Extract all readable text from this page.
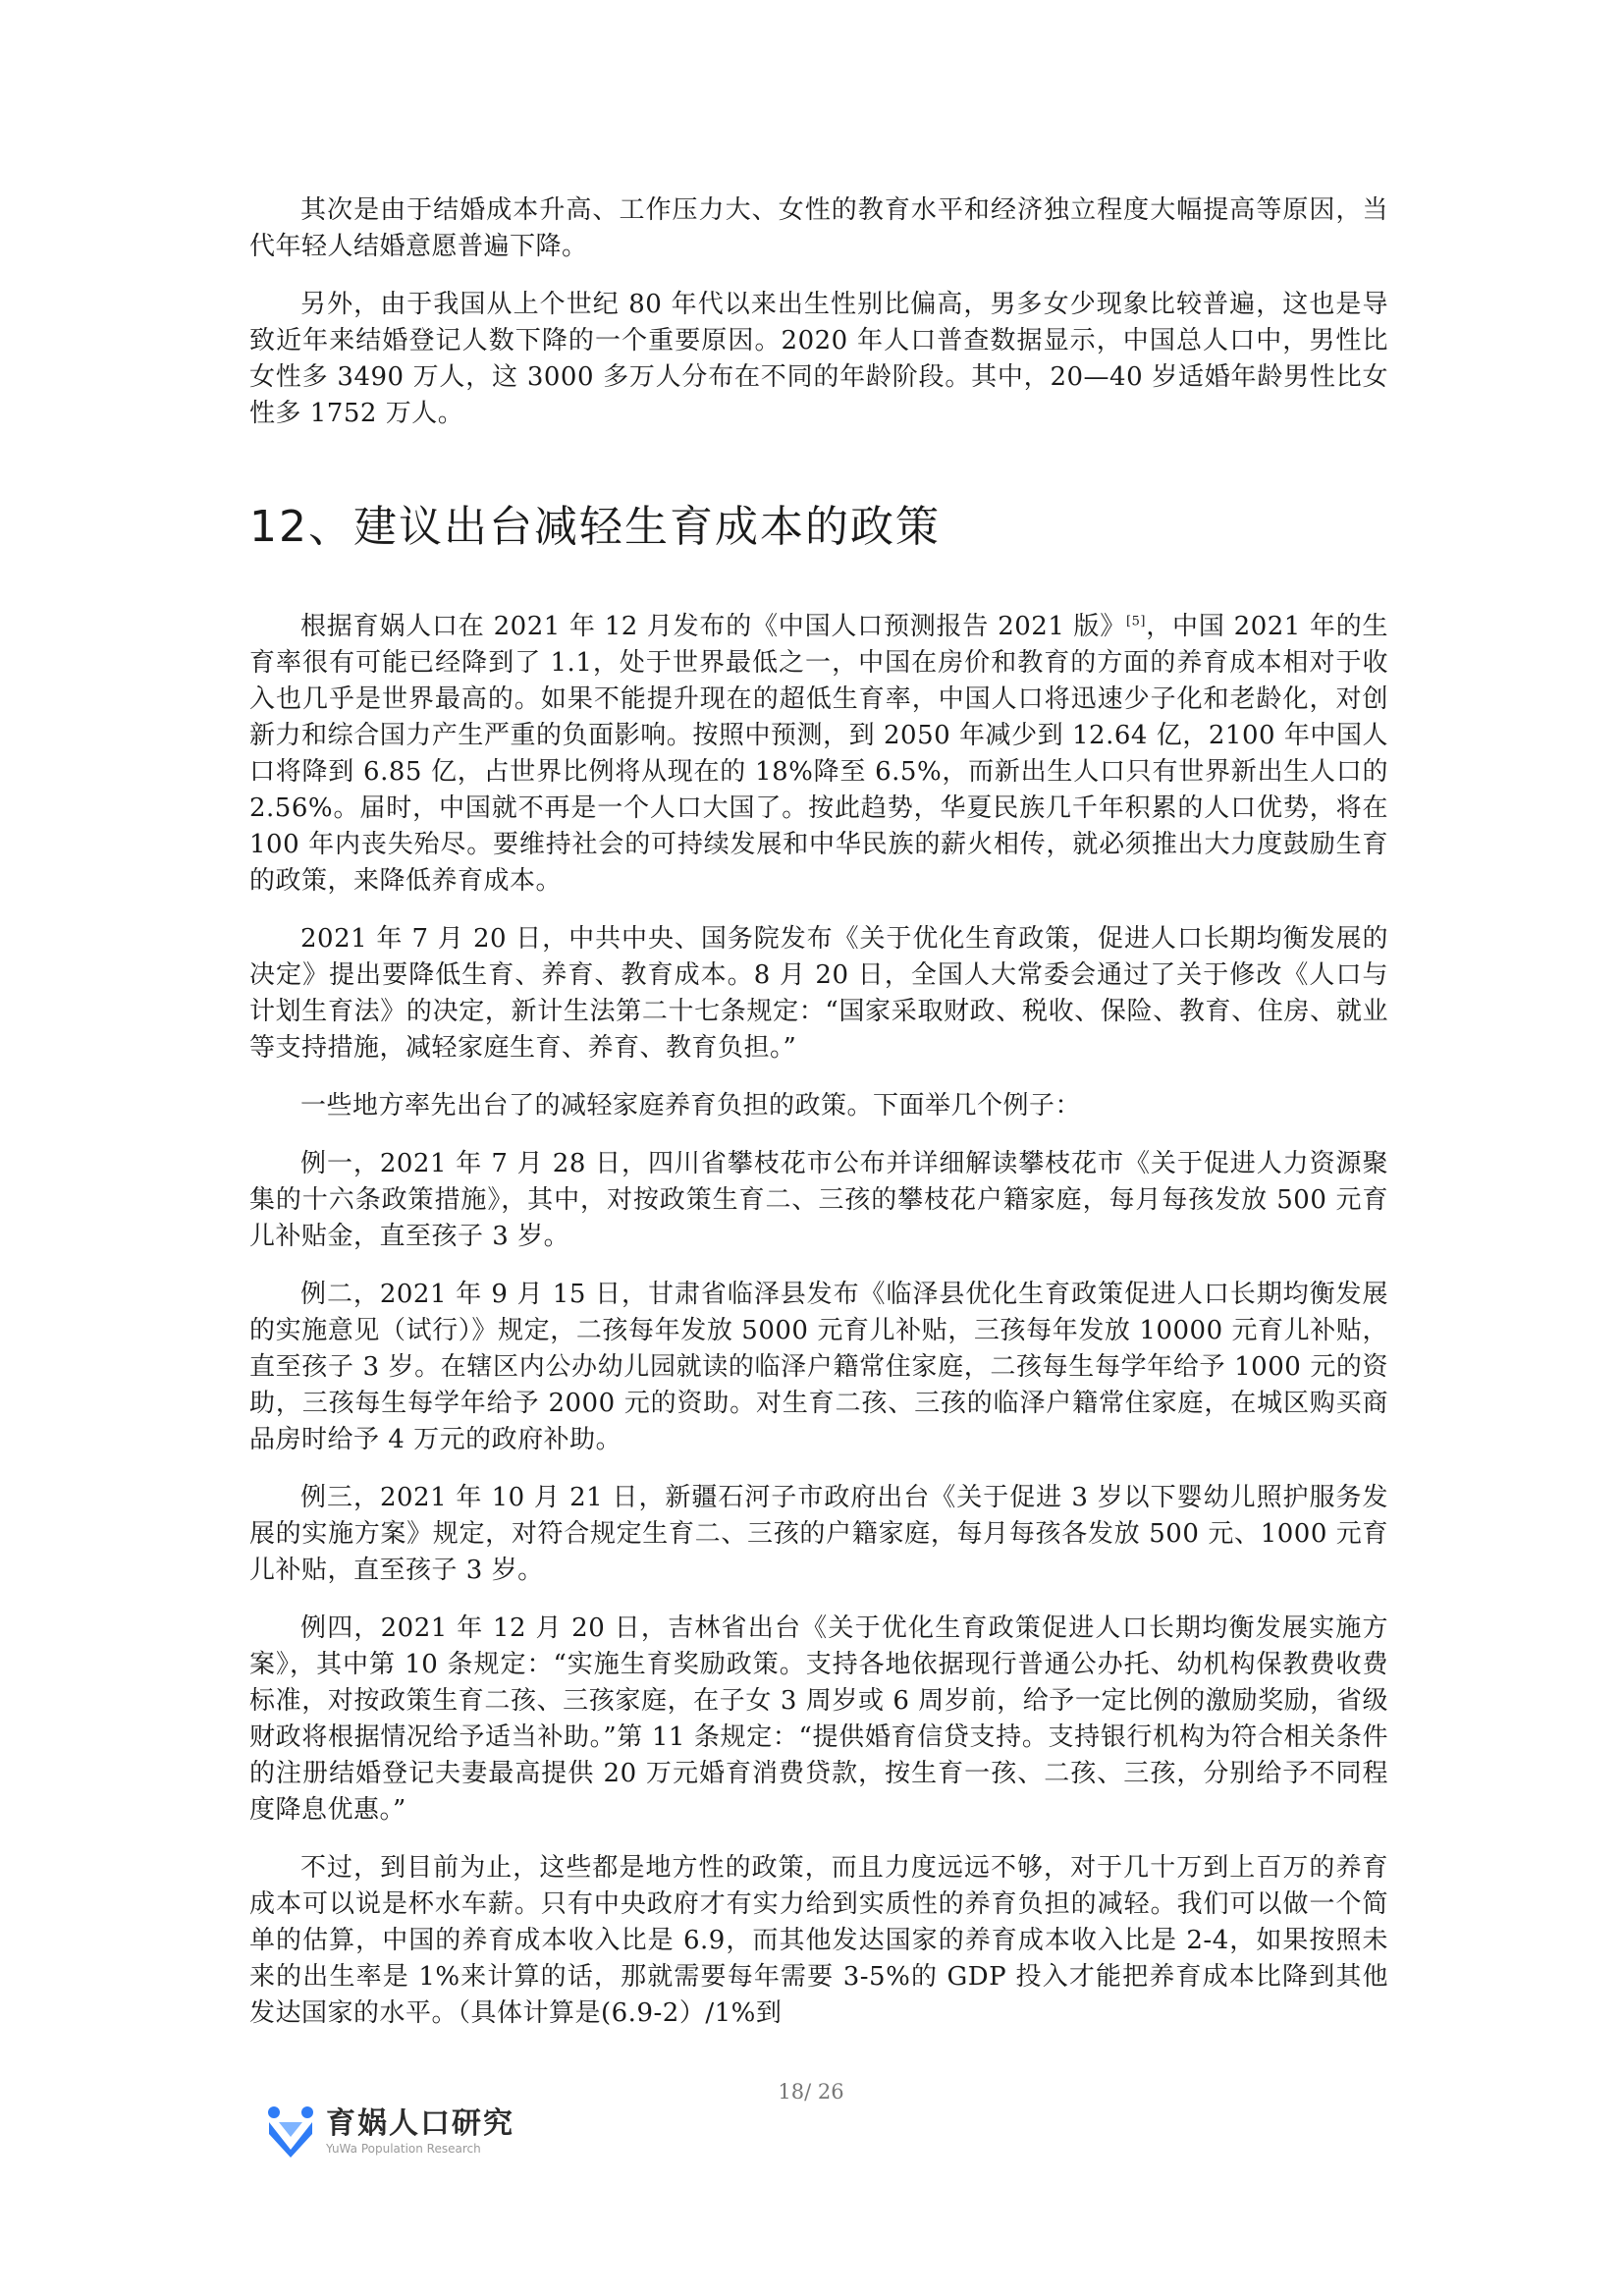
其次是由于结婚成本升高、工作压力大、女性的教育水平和经济独立程度大幅提高等原因，当代年轻人结婚意愿普遍下降。

另外，由于我国从上个世纪 80 年代以来出生性别比偏高，男多女少现象比较普遍，这也是导致近年来结婚登记人数下降的一个重要原因。2020 年人口普查数据显示，中国总人口中，男性比女性多 3490 万人，这 3000 多万人分布在不同的年龄阶段。其中，20—40 岁适婚年龄男性比女性多 1752 万人。

12、建议出台减轻生育成本的政策

根据育娲人口在 2021 年 12 月发布的《中国人口预测报告 2021 版》[5]，中国 2021 年的生育率很有可能已经降到了 1.1，处于世界最低之一，中国在房价和教育的方面的养育成本相对于收入也几乎是世界最高的。如果不能提升现在的超低生育率，中国人口将迅速少子化和老龄化，对创新力和综合国力产生严重的负面影响。按照中预测，到 2050 年减少到 12.64 亿，2100 年中国人口将降到 6.85 亿，占世界比例将从现在的 18%降至 6.5%，而新出生人口只有世界新出生人口的 2.56%。届时，中国就不再是一个人口大国了。按此趋势，华夏民族几千年积累的人口优势，将在 100 年内丧失殆尽。要维持社会的可持续发展和中华民族的薪火相传，就必须推出大力度鼓励生育的政策，来降低养育成本。

2021 年 7 月 20 日，中共中央、国务院发布《关于优化生育政策，促进人口长期均衡发展的决定》提出要降低生育、养育、教育成本。8 月 20 日，全国人大常委会通过了关于修改《人口与计划生育法》的决定，新计生法第二十七条规定：“国家采取财政、税收、保险、教育、住房、就业等支持措施，减轻家庭生育、养育、教育负担。”

一些地方率先出台了的减轻家庭养育负担的政策。下面举几个例子：

例一，2021 年 7 月 28 日，四川省攀枝花市公布并详细解读攀枝花市《关于促进人力资源聚集的十六条政策措施》，其中，对按政策生育二、三孩的攀枝花户籍家庭，每月每孩发放 500 元育儿补贴金，直至孩子 3 岁。

例二，2021 年 9 月 15 日，甘肃省临泽县发布《临泽县优化生育政策促进人口长期均衡发展的实施意见（试行）》规定，二孩每年发放 5000 元育儿补贴，三孩每年发放 10000 元育儿补贴，直至孩子 3 岁。在辖区内公办幼儿园就读的临泽户籍常住家庭，二孩每生每学年给予 1000 元的资助，三孩每生每学年给予 2000 元的资助。对生育二孩、三孩的临泽户籍常住家庭，在城区购买商品房时给予 4 万元的政府补助。

例三，2021 年 10 月 21 日，新疆石河子市政府出台《关于促进 3 岁以下婴幼儿照护服务发展的实施方案》规定，对符合规定生育二、三孩的户籍家庭，每月每孩各发放 500 元、1000 元育儿补贴，直至孩子 3 岁。

例四，2021 年 12 月 20 日，吉林省出台《关于优化生育政策促进人口长期均衡发展实施方案》，其中第 10 条规定：“实施生育奖励政策。支持各地依据现行普通公办托、幼机构保教费收费标准，对按政策生育二孩、三孩家庭，在子女 3 周岁或 6 周岁前，给予一定比例的激励奖励，省级财政将根据情况给予适当补助。”第 11 条规定：“提供婚育信贷支持。支持银行机构为符合相关条件的注册结婚登记夫妻最高提供 20 万元婚育消费贷款，按生育一孩、二孩、三孩，分别给予不同程度降息优惠。”

不过，到目前为止，这些都是地方性的政策，而且力度远远不够，对于几十万到上百万的养育成本可以说是杯水车薪。只有中央政府才有实力给到实质性的养育负担的减轻。我们可以做一个简单的估算，中国的养育成本收入比是 6.9，而其他发达国家的养育成本收入比是 2-4，如果按照未来的出生率是 1%来计算的话，那就需要每年需要 3-5%的 GDP 投入才能把养育成本比降到其他发达国家的水平。（具体计算是(6.9-2）/1%到

18/ 26
育娲人口研究
YuWa Population Research
